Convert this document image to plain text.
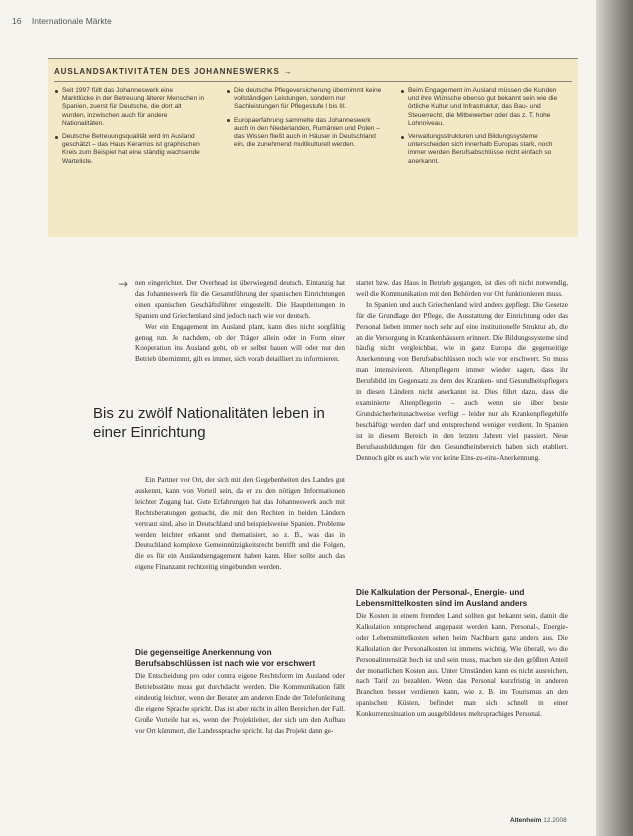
16 Internationale Märkte
AUSLANDSAKTIVITÄTEN DES JOHANNESWERKS →
Seit 1997 füllt das Johanneswerk eine Marktlücke in der Betreuung älterer Menschen in Spanien, zuerst für Deutsche, die dort alt wurden, inzwischen auch für andere Nationalitäten.
Deutsche Betreuungsqualität wird im Ausland geschätzt – das Haus Keramos ist graphischen Kreis zum Beispiel hat eine ständig wachsende Warteliste.
Die deutsche Pflegeversicherung übernimmt keine vollständigen Leistungen, sondern nur Sachleistungen für Pflegestufe I bis III.
Europaerfahrung sammelte das Johanneswerk auch in den Niederlanden, Rumänien und Polen – das Wissen fließt auch in Häuser in Deutschland ein, die zunehmend multikulturell werden.
Beim Engagement im Ausland müssen die Kunden und ihre Wünsche ebenso gut bekannt sein wie die örtliche Kultur und Infrastruktur, das Bau- und Steuerrecht, die Mitbewerber oder das z. T. hohe Lohnniveau.
Verwaltungsstrukturen und Bildungssysteme unterscheiden sich innerhalb Europas stark, noch immer werden Berufsabschlüsse nicht einfach so anerkannt.
→ nen eingerichtet. Der Overhead ist überwiegend deutsch. Eintanzig hat das Johanneswerk für die Gesamtführung der spanischen Einrichtungen einen spanischen Geschäftsführer eingestellt. Die Hauptleitungen in Spanien und Griechenland sind jedoch nach wie vor deutsch.

Wer ein Engagement im Ausland plant, kann dies nicht sorgfältig genug tun. Je nachdem, ob der Träger allein oder in Form einer Kooperation ins Ausland geht, ob er selbst bauen will oder nur den Betrieb übernimmt, gilt es immer, sich vorab detailliert zu informieren.

Bis zu zwölf Nationalitäten leben in einer Einrichtung

Ein Partner vor Ort, der sich mit den Gegebenheiten des Landes gut auskennt, kann von Vorteil sein, da er zu den nötigen Informationen leichter Zugang hat. Gute Erfahrungen hat das Johanneswerk auch mit Rechtsberatungen gemacht, die mit den Rechten in beiden Ländern vertraut sind, also in Deutschland und beispielsweise Spanien. Probleme werden leichter erkannt und thematisiert, so z. B., was das in Deutschland komplexe Gemeinnützigkeitsrecht betrifft und die Folgen, die es für ein Auslandsengagement haben kann. Hier sollte auch das eigene Finanzamt rechtzeitig eingebunden werden.

Die gegenseitige Anerkennung von Berufsabschlüssen ist nach wie vor erschwert

Die Entscheidung pro oder contra eigene Rechtsform im Ausland oder Betriebsstätte muss gut durchdacht werden. Die Kommunikation fällt eindeutig leichter, wenn der Berater am anderen Ende der Telefonleitung die eigene Sprache spricht. Das ist aber nicht in allen Bereichen der Fall. Große Vorteile hat es, wenn der Projektleiter, der sich um den Aufbau vor Ort kümmert, die Landessprache spricht. Ist das Projekt dann ge-

startet bzw. das Haus in Betrieb gegangen, ist dies oft nicht notwendig, weil die Kommunikation mit den Behörden vor Ort funktionieren muss.

In Spanien und auch Griechenland wird anders gepflegt. Die Gesetze für die Grundlage der Pflege, die Ausstattung der Einrichtung oder das Personal lieben immer noch sehr auf eine institutionelle Struktur ab, die an die Versorgung in Krankenhäusern erinnert. Die Bildungssysteme sind häufig nicht vergleichbar, wie in ganz Europa die gegenseitige Anerkennung von Berufsabschlüssen noch wie vor erschwert. So muss man intensivieren. Altenpflegern immer wieder sagen, dass ihr Berufsbild im Gegensatz zu dem des Kranken- und Gesundheitspflegers in diesen Ländern nicht anerkannt ist. Dies führt dazu, dass die examinierte Altenpflegerin – auch wenn sie über beste Grundsicherheitsnachweise verfügt – leider nur als Krankenpflegehilfe beschäftigt werden darf und entsprechend weniger verdient. In Spanien ist in diesem Bereich in den letzten Jahren viel passiert. Neue Berufsausbildungen für den Gesundheitsbereich haben sich etabliert. Dennoch gibt es auch wie vor keine Eins-zu-eins-Anerkennung.

Die Kalkulation der Personal-, Energie- und Lebensmittelkosten sind im Ausland anders

Die Kosten in einem fremden Land sollten gut bekannt sein, damit die Kalkulation entsprechend angepasst werden kann. Personal-, Energie- oder Lebensmittelkosten sehen beim Nachbarn ganz anders aus. Die Kalkulation der Personalkosten ist immens wichtig. Wie überall, wo die Personalintensität hoch ist und sein muss, machen sie den größten Anteil der monatlichen Kosten aus. Unter Umständen kann es nicht ausreichen, nach Tarif zu bezahlen. Wenn das Personal kurzfristig in anderen Branchen besser verdienen kann, wie z. B. im Tourismus an den spanischen Küsten, befindet man sich schnell in einer Konkurrenzsituation um ausgebildetes mehrsprachiges Personal.

Altenheim 12.2008
